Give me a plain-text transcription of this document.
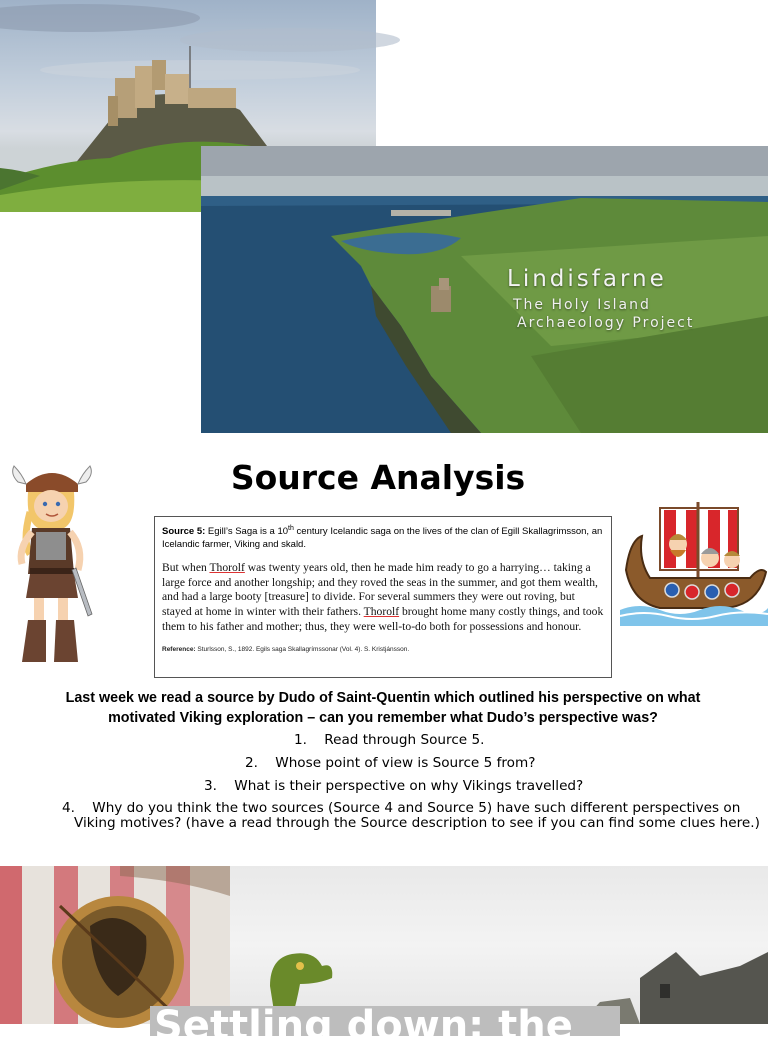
Lindisfarne
The Holy Island
Archaeology Project
Source Analysis
Source 5: Egill’s Saga is a 10th century Icelandic saga on the lives of the clan of Egill Skallagrimsson, an Icelandic farmer, Viking and skald.
But when Thorolf was twenty years old, then he made him ready to go a harrying… taking a large force and another longship; and they roved the seas in the summer, and got them wealth, and had a large booty [treasure] to divide. For several summers they were out roving, but stayed at home in winter with their fathers. Thorolf brought home many costly things, and took them to his father and mother; thus, they were well-to-do both for possessions and honour.
Reference: Sturlsson, S., 1892. Egils saga Skallagrímssonar (Vol. 4). S. Kristjánsson.
Last week we read a source by Dudo of Saint-Quentin which outlined his perspective on what motivated Viking exploration – can you remember what Dudo’s perspective was?
1.    Read through Source 5.
2.    Whose point of view is Source 5 from?
3.    What is their perspective on why Vikings travelled?
4.    Why do you think the two sources (Source 4 and Source 5) have such different perspectives on
Viking motives? (have a read through the Source description to see if you can find some clues here.)
Settling down: the
